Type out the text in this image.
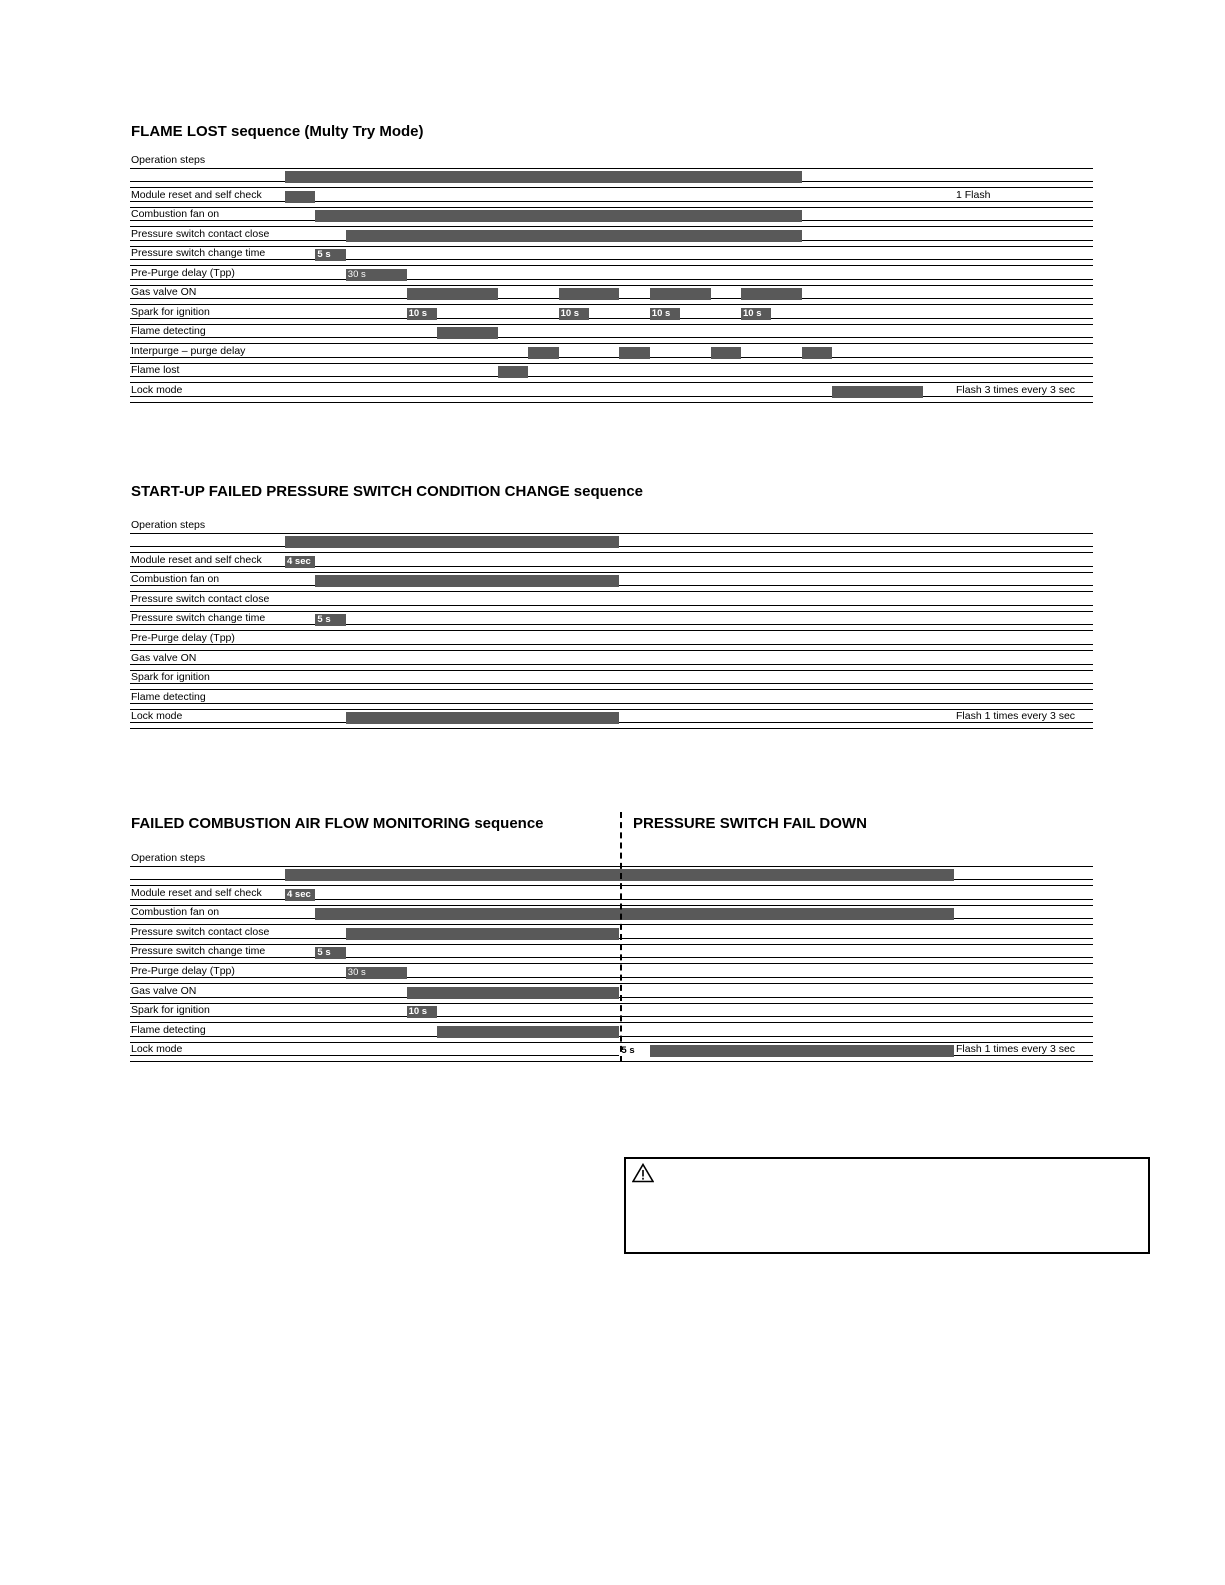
FLAME LOST sequence (Multy Try Mode)
Operation steps
Module reset and self check	1 Flash
Combustion fan on
Pressure switch contact close
Pressure switch change time	5 s
Pre-Purge delay (Tpp)	30 s
Gas valve ON
Spark for ignition	10 s	10 s	10 s	10 s
Flame detecting
Interpurge – purge delay
Flame lost
Lock mode	Flash 3 times every 3 sec
START-UP FAILED PRESSURE SWITCH CONDITION CHANGE sequence
Operation steps
Module reset and self check	4 sec
Combustion fan on
Pressure switch contact close
Pressure switch change time	5 s
Pre-Purge delay (Tpp)
Gas valve ON
Spark for ignition
Flame detecting
Lock mode	Flash 1 times every 3 sec
FAILED COMBUSTION AIR FLOW MONITORING sequence	PRESSURE SWITCH FAIL DOWN
Operation steps
Module reset and self check	4 sec
Combustion fan on
Pressure switch contact close
Pressure switch change time	5 s
Pre-Purge delay (Tpp)	30 s
Gas valve ON
Spark for ignition	10 s
Flame detecting
Lock mode	5 s	Flash 1 times every 3 sec
